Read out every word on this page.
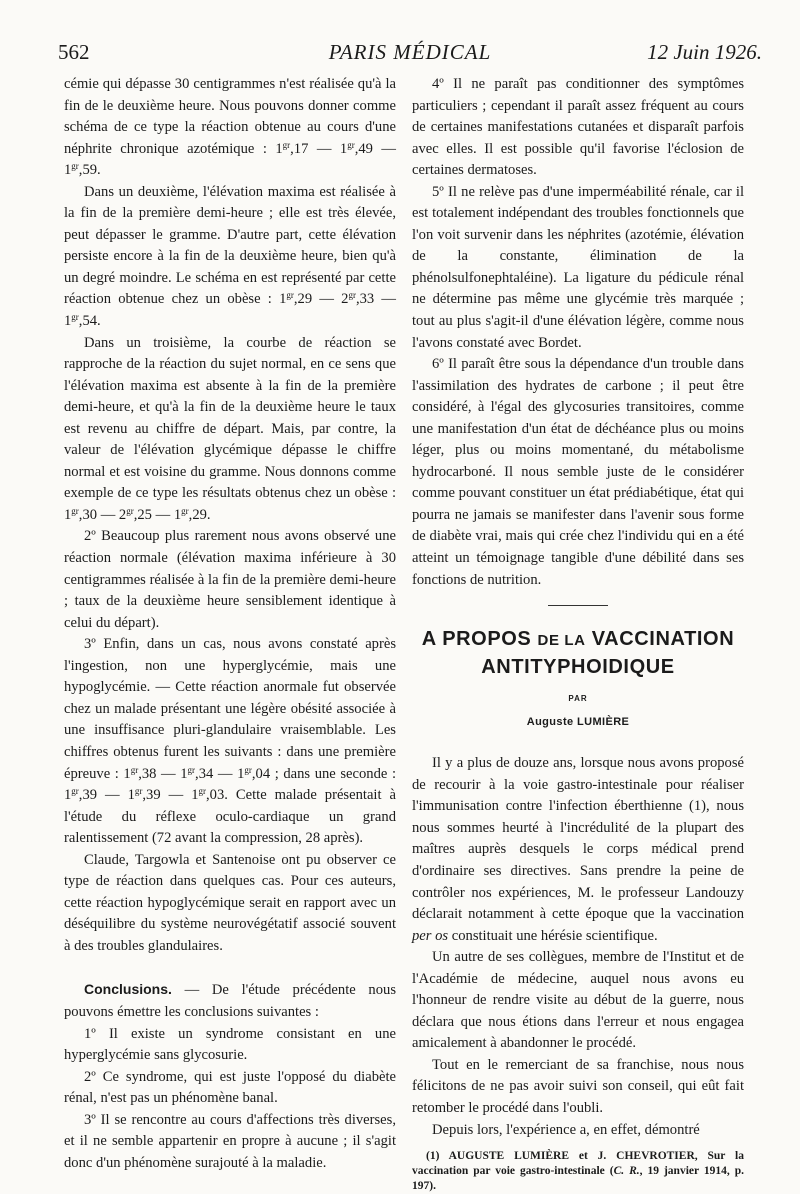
562	PARIS MÉDICAL	12 Juin 1926.

cémie qui dépasse 30 centigrammes n'est réalisée qu'à la fin de le deuxième heure. Nous pouvons donner comme schéma de ce type la réaction obtenue au cours d'une néphrite chronique azotémique : $1^{gr},17$ — $1^{gr},49$ — $1^{gr},59$.

Dans un deuxième, l'élévation maxima est réalisée à la fin de la première demi-heure ; elle est très élevée, peut dépasser le gramme. D'autre part, cette élévation persiste encore à la fin de la deuxième heure, bien qu'à un degré moindre. Le schéma en est représenté par cette réaction obtenue chez un obèse : $1^{gr},29$ — $2^{gr},33$ — $1^{gr},54$.

Dans un troisième, la courbe de réaction se rapproche de la réaction du sujet normal, en ce sens que l'élévation maxima est absente à la fin de la première demi-heure, et qu'à la fin de la deuxième heure le taux est revenu au chiffre de départ. Mais, par contre, la valeur de l'élévation glycémique dépasse le chiffre normal et est voisine du gramme. Nous donnons comme exemple de ce type les résultats obtenus chez un obèse : $1^{gr},30$ — $2^{gr},25$ — $1^{gr},29$.

2º Beaucoup plus rarement nous avons observé une réaction normale (élévation maxima inférieure à 30 centigrammes réalisée à la fin de la première demi-heure ; taux de la deuxième heure sensiblement identique à celui du départ).

3º Enfin, dans un cas, nous avons constaté après l'ingestion, non une hyperglycémie, mais une hypoglycémie. — Cette réaction anormale fut observée chez un malade présentant une légère obésité associée à une insuffisance pluri-glandulaire vraisemblable. Les chiffres obtenus furent les suivants : dans une première épreuve : $1^{gr},38$ — $1^{gr},34$ — $1^{gr},04$ ; dans une seconde : $1^{gr},39$ — $1^{gr},39$ — $1^{gr},03$. Cette malade présentait à l'étude du réflexe oculo-cardiaque un grand ralentissement (72 avant la compression, 28 après).

Claude, Targowla et Santenoise ont pu observer ce type de réaction dans quelques cas. Pour ces auteurs, cette réaction hypoglycémique serait en rapport avec un déséquilibre du système neurovégétatif associé souvent à des troubles glandulaires.

Conclusions. — De l'étude précédente nous pouvons émettre les conclusions suivantes :

1º Il existe un syndrome consistant en une hyperglycémie sans glycosurie.

2º Ce syndrome, qui est juste l'opposé du diabète rénal, n'est pas un phénomène banal.

3º Il se rencontre au cours d'affections très diverses, et il ne semble appartenir en propre à aucune ; il s'agit donc d'un phénomène surajouté à la maladie.

4º Il ne paraît pas conditionner des symptômes particuliers ; cependant il paraît assez fréquent au cours de certaines manifestations cutanées et disparaît parfois avec elles. Il est possible qu'il favorise l'éclosion de certaines dermatoses.

5º Il ne relève pas d'une imperméabilité rénale, car il est totalement indépendant des troubles fonctionnels que l'on voit survenir dans les néphrites (azotémie, élévation de la constante, élimination de la phénolsulfonephtaléine). La ligature du pédicule rénal ne détermine pas même une glycémie très marquée ; tout au plus s'agit-il d'une élévation légère, comme nous l'avons constaté avec Bordet.

6º Il paraît être sous la dépendance d'un trouble dans l'assimilation des hydrates de carbone ; il peut être considéré, à l'égal des glycosuries transitoires, comme une manifestation d'un état de déchéance plus ou moins léger, plus ou moins momentané, du métabolisme hydrocarboné. Il nous semble juste de le considérer comme pouvant constituer un état prédiabétique, état qui pourra ne jamais se manifester dans l'avenir sous forme de diabète vrai, mais qui crée chez l'individu qui en a été atteint un témoignage tangible d'une débilité dans ses fonctions de nutrition.

A PROPOS DE LA VACCINATION
ANTITYPHOIDIQUE
PAR
Auguste LUMIÈRE

Il y a plus de douze ans, lorsque nous avons proposé de recourir à la voie gastro-intestinale pour réaliser l'immunisation contre l'infection éberthienne (1), nous nous sommes heurté à l'incrédulité de la plupart des maîtres auprès desquels le corps médical prend d'ordinaire ses directives. Sans prendre la peine de contrôler nos expériences, M. le professeur Landouzy déclarait notamment à cette époque que la vaccination per os constituait une hérésie scientifique.

Un autre de ses collègues, membre de l'Institut et de l'Académie de médecine, auquel nous avons eu l'honneur de rendre visite au début de la guerre, nous déclara que nous étions dans l'erreur et nous engagea amicalement à abandonner le procédé.

Tout en le remerciant de sa franchise, nous nous félicitons de ne pas avoir suivi son conseil, qui eût fait retomber le procédé dans l'oubli.

Depuis lors, l'expérience a, en effet, démontré

(1) AUGUSTE LUMIÈRE et J. CHEVROTIER, Sur la vaccination par voie gastro-intestinale (C. R., 19 janvier 1914, p. 197).
